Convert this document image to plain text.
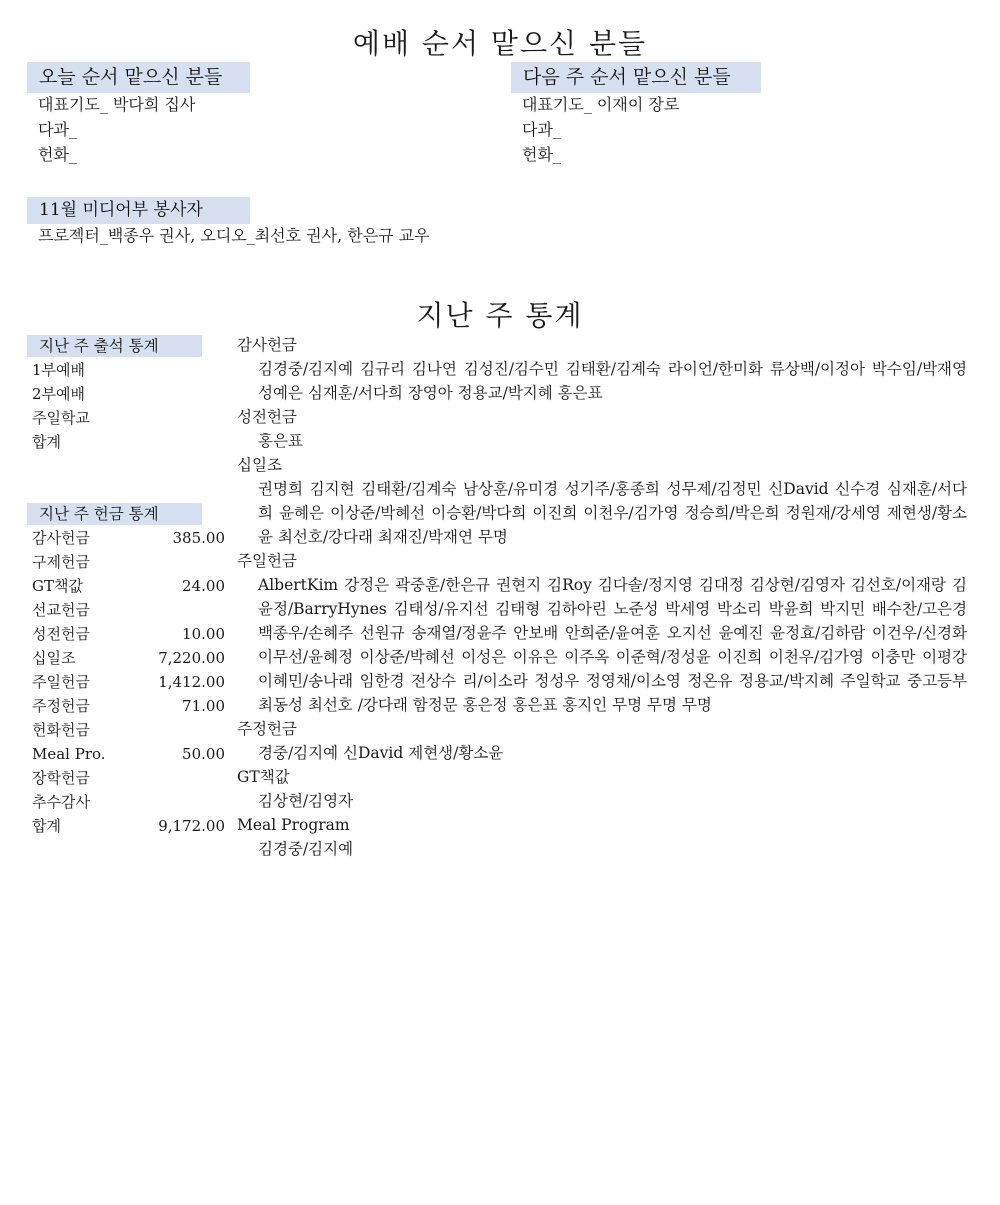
예배 순서 맡으신 분들
오늘 순서 맡으신 분들
대표기도_ 박다희 집사
다과_
헌화_
다음 주 순서 맡으신 분들
대표기도_ 이재이 장로
다과_
헌화_
11월 미디어부 봉사자
프로젝터_백종우 권사, 오디오_최선호 권사, 한은규 교우
지난 주 통계
지난 주 출석 통계
1부예배
2부예배
주일학교
합계
지난 주 헌금 통계
감사헌금	385.00
구제헌금
GT책값	24.00
선교헌금
성전헌금	10.00
십일조	7,220.00
주일헌금	1,412.00
주정헌금	71.00
헌화헌금
Meal Pro.	50.00
장학헌금
추수감사
합계	9,172.00
감사헌금
김경중/김지예 김규리 김나연 김성진/김수민 김태환/김계숙 라이언/한미화 류상백/이정아 박수임/박재영 성예은 심재훈/서다희 장영아 정용교/박지혜 홍은표
성전헌금
홍은표
십일조
권명희 김지현 김태환/김계숙 남상훈/유미경 성기주/홍종희 성무제/김정민 신David 신수경 심재훈/서다희 윤혜은 이상준/박혜선 이승환/박다희 이진희 이천우/김가영 정승희/박은희 정원재/강세영 제현생/황소윤 최선호/강다래 최재진/박재연 무명
주일헌금
AlbertKim 강정은 곽중훈/한은규 권현지 김Roy 김다솔/정지영 김대정 김상현/김영자 김선호/이재랑 김윤정/BarryHynes 김태성/유지선 김태형 김하아린 노준성 박세영 박소리 박윤희 박지민 배수찬/고은경 백종우/손혜주 선원규 송재열/정윤주 안보배 안희준/윤여훈 오지선 윤예진 윤정효/김하람 이건우/신경화 이무선/윤혜정 이상준/박혜선 이성은 이유은 이주옥 이준혁/정성윤 이진희 이천우/김가영 이충만 이평강 이혜민/송나래 임한경 전상수 리/이소라 정성우 정영채/이소영 정온유 정용교/박지혜 주일학교 중고등부 최동성 최선호 /강다래 함정문 홍은정 홍은표 홍지인 무명 무명 무명
주정헌금
경중/김지예 신David 제현생/황소윤
GT책값
김상현/김영자
Meal Program
김경중/김지예
